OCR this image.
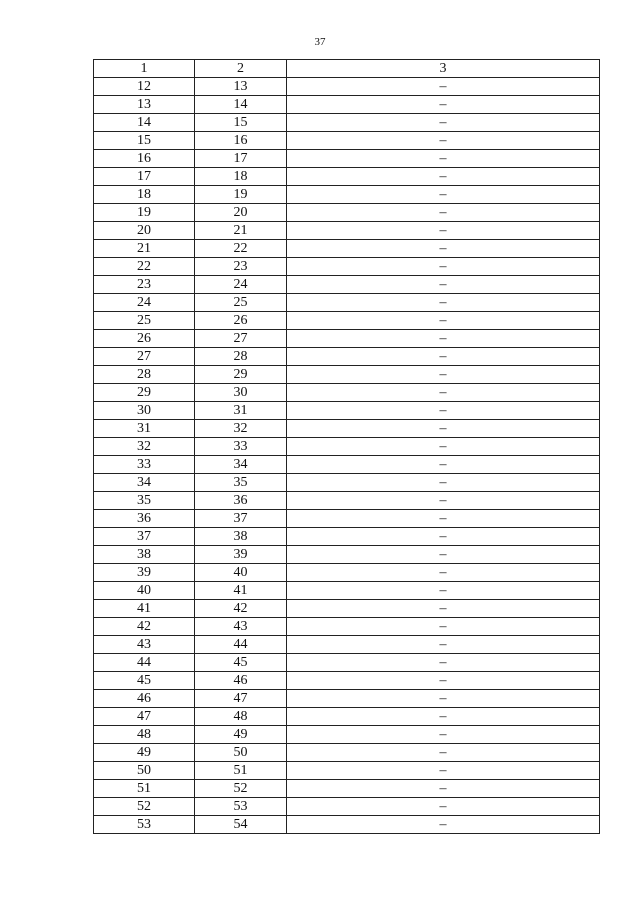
37
1	2	3
12	13	–
13	14	–
14	15	–
15	16	–
16	17	–
17	18	–
18	19	–
19	20	–
20	21	–
21	22	–
22	23	–
23	24	–
24	25	–
25	26	–
26	27	–
27	28	–
28	29	–
29	30	–
30	31	–
31	32	–
32	33	–
33	34	–
34	35	–
35	36	–
36	37	–
37	38	–
38	39	–
39	40	–
40	41	–
41	42	–
42	43	–
43	44	–
44	45	–
45	46	–
46	47	–
47	48	–
48	49	–
49	50	–
50	51	–
51	52	–
52	53	–
53	54	–
